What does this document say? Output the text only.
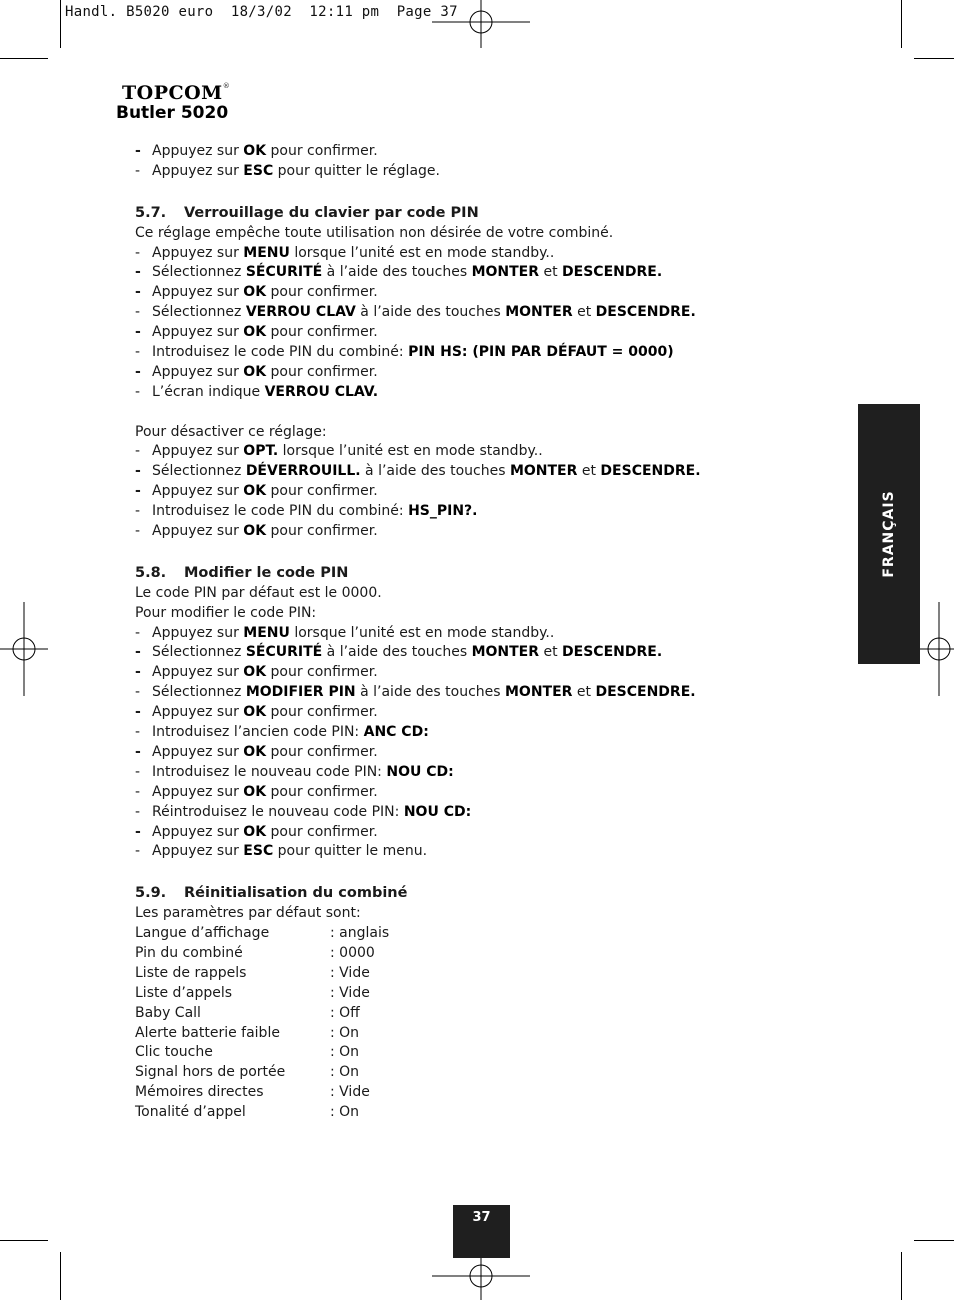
Handl. B5020 euro  18/3/02  12:11 pm  Page 37
TOPCOM®
Butler 5020
- Appuyez sur OK pour confirmer.
- Appuyez sur ESC pour quitter le réglage.
5.7. Verrouillage du clavier par code PIN
Ce réglage empêche toute utilisation non désirée de votre combiné.
- Appuyez sur MENU lorsque l’unité est en mode standby..
- Sélectionnez SÉCURITÉ à l’aide des touches MONTER et DESCENDRE.
- Appuyez sur OK pour confirmer.
- Sélectionnez VERROU CLAV à l’aide des touches MONTER et DESCENDRE.
- Appuyez sur OK pour confirmer.
- Introduisez le code PIN du combiné: PIN HS: (PIN PAR DÉFAUT = 0000)
- Appuyez sur OK pour confirmer.
- L’écran indique VERROU CLAV.
Pour désactiver ce réglage:
- Appuyez sur OPT. lorsque l’unité est en mode standby..
- Sélectionnez DÉVERROUILL. à l’aide des touches MONTER et DESCENDRE.
- Appuyez sur OK pour confirmer.
- Introduisez le code PIN du combiné: HS_PIN?.
- Appuyez sur OK pour confirmer.
5.8. Modifier le code PIN
Le code PIN par défaut est le 0000.
Pour modifier le code PIN:
- Appuyez sur MENU lorsque l’unité est en mode standby..
- Sélectionnez SÉCURITÉ à l’aide des touches MONTER et DESCENDRE.
- Appuyez sur OK pour confirmer.
- Sélectionnez MODIFIER PIN à l’aide des touches MONTER et DESCENDRE.
- Appuyez sur OK pour confirmer.
- Introduisez l’ancien code PIN: ANC CD:
- Appuyez sur OK pour confirmer.
- Introduisez le nouveau code PIN: NOU CD:
- Appuyez sur OK pour confirmer.
- Réintroduisez le nouveau code PIN: NOU CD:
- Appuyez sur OK pour confirmer.
- Appuyez sur ESC pour quitter le menu.
5.9. Réinitialisation du combiné
Les paramètres par défaut sont:
Langue d’affichage	: anglais
Pin du combiné	: 0000
Liste de rappels	: Vide
Liste d’appels	: Vide
Baby Call	: Off
Alerte batterie faible	: On
Clic touche	: On
Signal hors de portée	: On
Mémoires directes	: Vide
Tonalité d’appel	: On
FRANÇAIS
37
